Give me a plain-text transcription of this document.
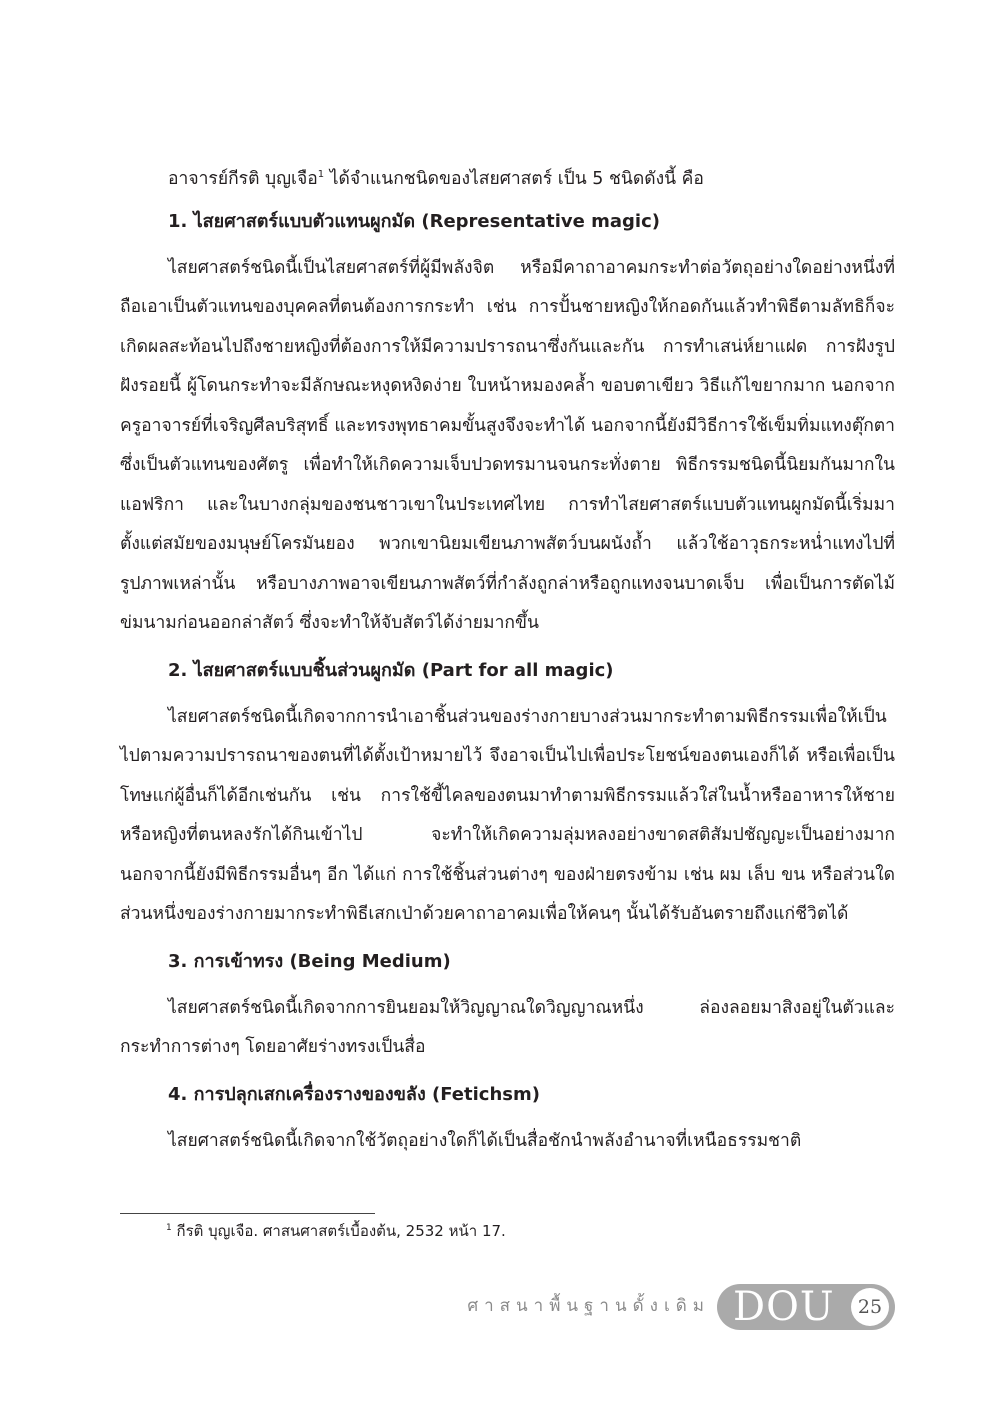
อาจารย์กีรติ บุญเจือ$^1$ ได้จำแนกชนิดของไสยศาสตร์ เป็น 5 ชนิดดังนี้ คือ

1. ไสยศาสตร์แบบตัวแทนผูกมัด (Representative magic)

ไสยศาสตร์ชนิดนี้เป็นไสยศาสตร์ที่ผู้มีพลังจิต หรือมีคาถาอาคมกระทำต่อวัตถุอย่างใดอย่างหนึ่งที่ถือเอาเป็นตัวแทนของบุคคลที่ตนต้องการกระทำ เช่น การปั้นชายหญิงให้กอดกันแล้วทำพิธีตามลัทธิก็จะเกิดผลสะท้อนไปถึงชายหญิงที่ต้องการให้มีความปรารถนาซึ่งกันและกัน การทำเสน่ห์ยาแฝด การฝังรูปฝังรอยนี้ ผู้โดนกระทำจะมีลักษณะหงุดหงิดง่าย ใบหน้าหมองคล้ำ ขอบตาเขียว วิธีแก้ไขยากมาก นอกจากครูอาจารย์ที่เจริญศีลบริสุทธิ์ และทรงพุทธาคมขั้นสูงจึงจะทำได้ นอกจากนี้ยังมีวิธีการใช้เข็มทิ่มแทงตุ๊กตา ซึ่งเป็นตัวแทนของศัตรู เพื่อทำให้เกิดความเจ็บปวดทรมานจนกระทั่งตาย พิธีกรรมชนิดนี้นิยมกันมากในแอฟริกา และในบางกลุ่มของชนชาวเขาในประเทศไทย การทำไสยศาสตร์แบบตัวแทนผูกมัดนี้เริ่มมาตั้งแต่สมัยของมนุษย์โครมันยอง พวกเขานิยมเขียนภาพสัตว์บนผนังถ้ำ แล้วใช้อาวุธกระหน่ำแทงไปที่รูปภาพเหล่านั้น หรือบางภาพอาจเขียนภาพสัตว์ที่กำลังถูกล่าหรือถูกแทงจนบาดเจ็บ เพื่อเป็นการตัดไม้ข่มนามก่อนออกล่าสัตว์ ซึ่งจะทำให้จับสัตว์ได้ง่ายมากขึ้น

2. ไสยศาสตร์แบบชิ้นส่วนผูกมัด (Part for all magic)

ไสยศาสตร์ชนิดนี้เกิดจากการนำเอาชิ้นส่วนของร่างกายบางส่วนมากระทำตามพิธีกรรมเพื่อให้เป็นไปตามความปรารถนาของตนที่ได้ตั้งเป้าหมายไว้ จึงอาจเป็นไปเพื่อประโยชน์ของตนเองก็ได้ หรือเพื่อเป็นโทษแก่ผู้อื่นก็ได้อีกเช่นกัน เช่น การใช้ขี้ไคลของตนมาทำตามพิธีกรรมแล้วใส่ในน้ำหรืออาหารให้ชายหรือหญิงที่ตนหลงรักได้กินเข้าไป จะทำให้เกิดความลุ่มหลงอย่างขาดสติสัมปชัญญะเป็นอย่างมาก นอกจากนี้ยังมีพิธีกรรมอื่นๆ อีก ได้แก่ การใช้ชิ้นส่วนต่างๆ ของฝ่ายตรงข้าม เช่น ผม เล็บ ขน หรือส่วนใดส่วนหนึ่งของร่างกายมากระทำพิธีเสกเป่าด้วยคาถาอาคมเพื่อให้คนๆ นั้นได้รับอันตรายถึงแก่ชีวิตได้

3. การเข้าทรง (Being Medium)

ไสยศาสตร์ชนิดนี้เกิดจากการยินยอมให้วิญญาณใดวิญญาณหนึ่ง ล่องลอยมาสิงอยู่ในตัวและกระทำการต่างๆ โดยอาศัยร่างทรงเป็นสื่อ

4. การปลุกเสกเครื่องรางของขลัง (Fetichsm)

ไสยศาสตร์ชนิดนี้เกิดจากใช้วัตถุอย่างใดก็ได้เป็นสื่อชักนำพลังอำนาจที่เหนือธรรมชาติ

$^1$ กีรติ บุญเจือ. ศาสนศาสตร์เบื้องต้น, 2532 หน้า 17.
ศาสนาพื้นฐานดั้งเดิม DOU	25
